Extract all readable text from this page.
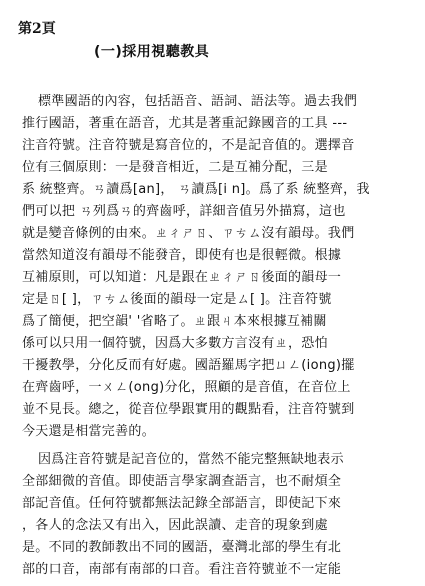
第2頁
(一)採用視聽教具
標準國語的內容，包括語音、語詞、語法等。過去我們
推行國語，著重在語音，尤其是著重記錄國音的工具 ---
注音符號。注音符號是寫音位的，不是記音值的。選擇音
位有三個原則：一是發音相近，二是互補分配，三是
系 統整齊。ㄢ讀爲[an]， ㄢ讀爲[i n]。爲了系 統整齊，我
們可以把 ㄢ列爲ㄢ的齊齒呼，詳細音值另外描寫，這也
就是變音條例的由來。ㄓㄔㄕㄖ、ㄗㄘㄙ沒有韻母。我們
當然知道沒有韻母不能發音，即使有也是很輕微。根據
互補原則，可以知道：凡是跟在ㄓㄔㄕㄖ後面的韻母一
定是ㄖ[ ]，ㄗㄘㄙ後面的韻母一定是ㄙ[ ]。注音符號
爲了簡便，把空韻' '省略了。ㄓ跟ㄐ本來根據互補關
係可以只用一個符號，因爲大多數方言沒有ㄓ，恐怕
干擾教學，分化反而有好處。國語羅馬字把ㄩㄥ(iong)擺
在齊齒呼，一ㄨㄥ(ong)分化，照顧的是音值，在音位上
並不見長。總之，從音位學跟實用的觀點看，注音符號到
今天還是相當完善的。
因爲注音符號是記音位的，當然不能完整無缺地表示
全部細微的音值。即使語言學家調查語言，也不耐煩全
部記音值。任何符號都無法記錄全部語言，即使記下來
，各人的念法又有出入，因此誤讀、走音的現象到處
是。不同的教師教出不同的國語，臺灣北部的學生有北
部的口音，南部有南部的口音。看注音符號並不一定能
